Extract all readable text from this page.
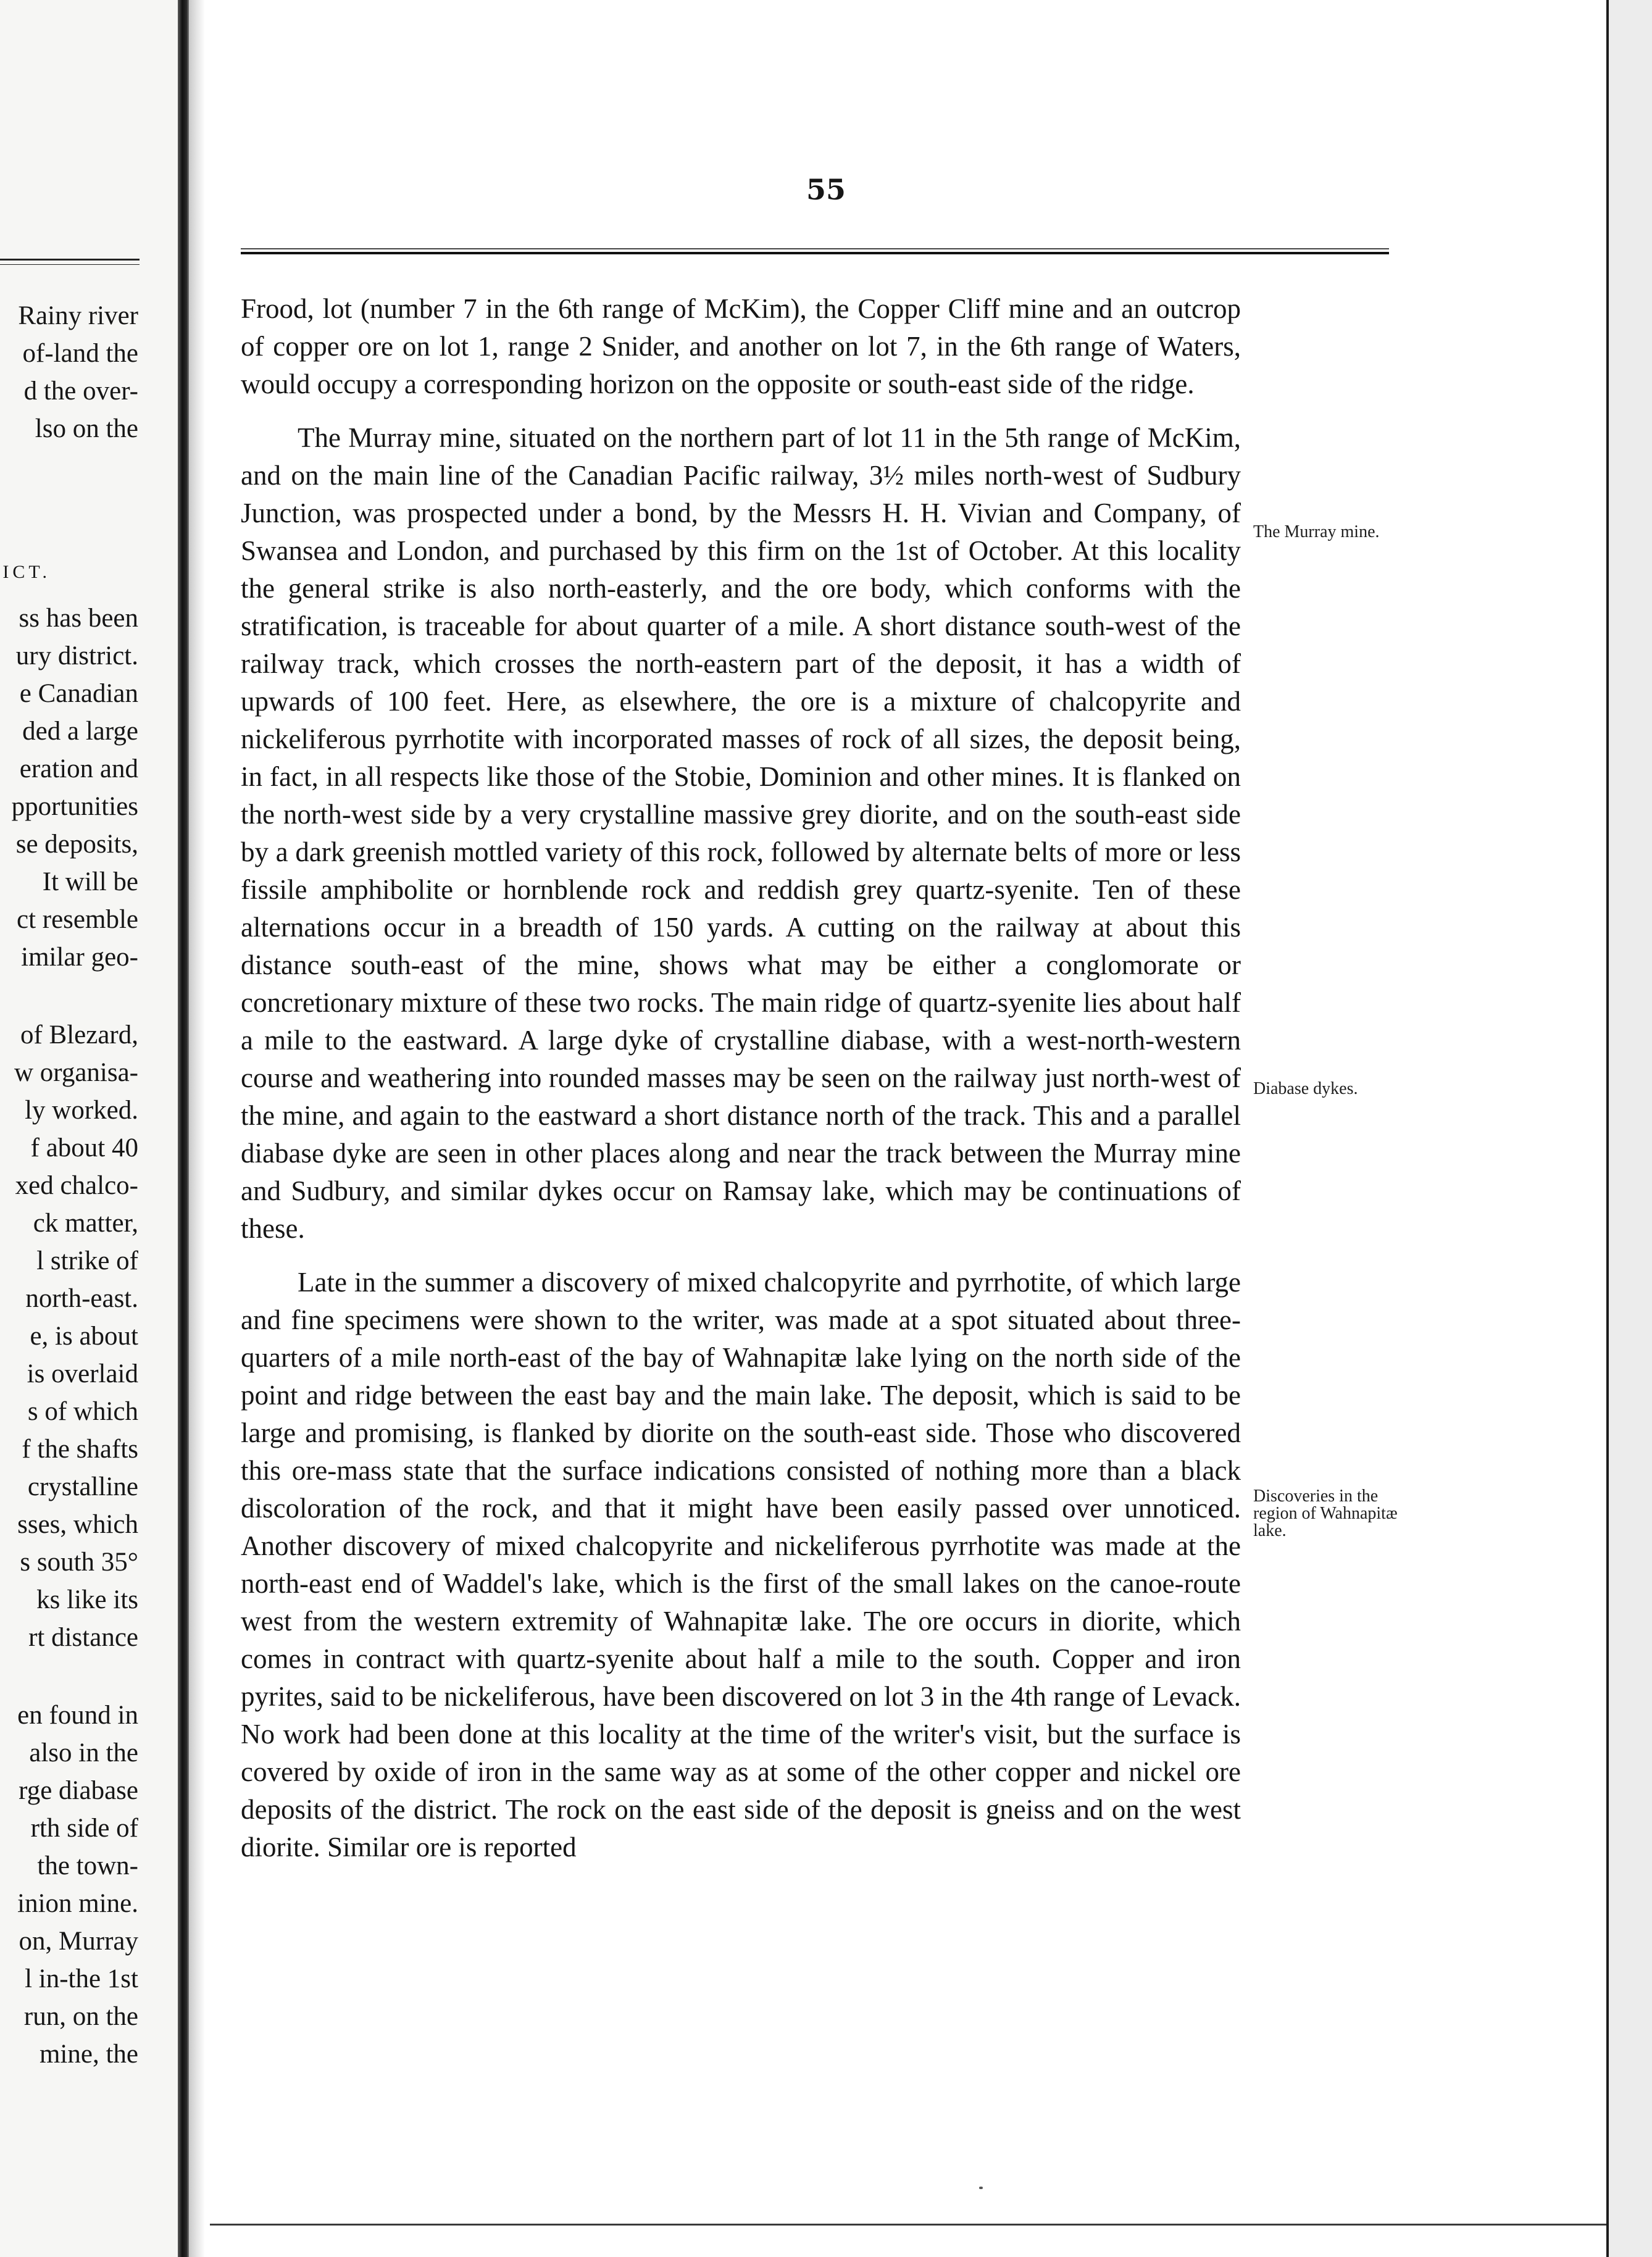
Rainy river
of-land the
d the over-
lso on the
ICT.
ss has been
ury district.
e Canadian
ded a large
eration and
pportunities
se deposits,
It will be
ct resemble
imilar geo-
of Blezard,
w organisa-
ly worked.
f about 40
xed chalco-
ck matter,
l strike of
north-east.
e, is about
is overlaid
s of which
f the shafts
crystalline
sses, which
s south 35°
ks like its
rt distance
en found in
also in the
rge diabase
rth side of
the town-
inion mine.
on, Murray
l in-the 1st
run, on the
mine, the
55

Frood, lot (number 7 in the 6th range of McKim), the Copper Cliff mine and an outcrop of copper ore on lot 1, range 2 Snider, and another on lot 7, in the 6th range of Waters, would occupy a corresponding horizon on the opposite or south-east side of the ridge.

The Murray mine, situated on the northern part of lot 11 in the 5th range of McKim, and on the main line of the Canadian Pacific railway, 3½ miles north-west of Sudbury Junction, was prospected under a bond, by the Messrs H. H. Vivian and Company, of Swansea and London, and purchased by this firm on the 1st of October. At this locality the general strike is also north-easterly, and the ore body, which conforms with the stratification, is traceable for about quarter of a mile. A short distance south-west of the railway track, which crosses the north-eastern part of the deposit, it has a width of upwards of 100 feet. Here, as elsewhere, the ore is a mixture of chalcopyrite and nickeliferous pyrrhotite with incorporated masses of rock of all sizes, the deposit being, in fact, in all respects like those of the Stobie, Dominion and other mines. It is flanked on the north-west side by a very crystalline massive grey diorite, and on the south-east side by a dark greenish mottled variety of this rock, followed by alternate belts of more or less fissile amphibolite or hornblende rock and reddish grey quartz-syenite. Ten of these alternations occur in a breadth of 150 yards. A cutting on the railway at about this distance south-east of the mine, shows what may be either a conglomorate or concretionary mixture of these two rocks. The main ridge of quartz-syenite lies about half a mile to the eastward. A large dyke of crystalline diabase, with a west-north-western course and weathering into rounded masses may be seen on the railway just north-west of the mine, and again to the eastward a short distance north of the track. This and a parallel diabase dyke are seen in other places along and near the track between the Murray mine and Sudbury, and similar dykes occur on Ramsay lake, which may be continuations of these.

Late in the summer a discovery of mixed chalcopyrite and pyrrhotite, of which large and fine specimens were shown to the writer, was made at a spot situated about three-quarters of a mile north-east of the bay of Wahnapitæ lake lying on the north side of the point and ridge between the east bay and the main lake. The deposit, which is said to be large and promising, is flanked by diorite on the south-east side. Those who discovered this ore-mass state that the surface indications consisted of nothing more than a black discoloration of the rock, and that it might have been easily passed over unnoticed. Another discovery of mixed chalcopyrite and nickeliferous pyrrhotite was made at the north-east end of Waddel's lake, which is the first of the small lakes on the canoe-route west from the western extremity of Wahnapitæ lake. The ore occurs in diorite, which comes in contract with quartz-syenite about half a mile to the south. Copper and iron pyrites, said to be nickeliferous, have been discovered on lot 3 in the 4th range of Levack. No work had been done at this locality at the time of the writer's visit, but the surface is covered by oxide of iron in the same way as at some of the other copper and nickel ore deposits of the district. The rock on the east side of the deposit is gneiss and on the west diorite. Similar ore is reported

The Murray mine.
Diabase dykes.
Discoveries in the region of Wahnapitæ lake.
